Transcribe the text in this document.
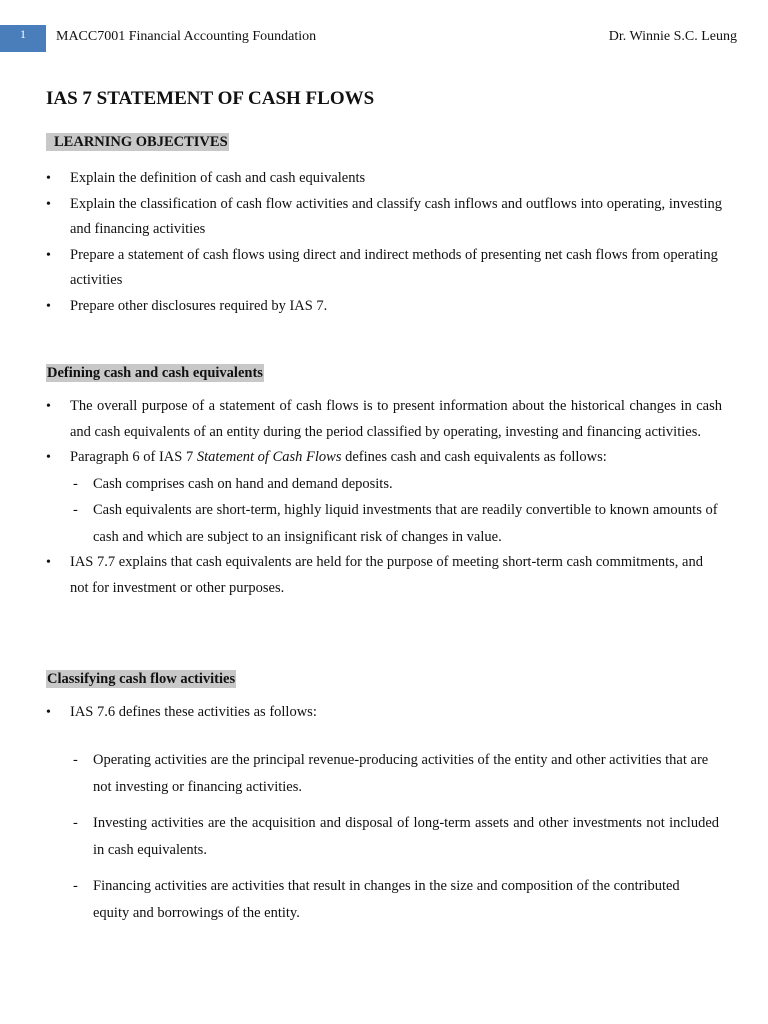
1	MACC7001 Financial Accounting Foundation	Dr. Winnie S.C. Leung
IAS 7 STATEMENT OF CASH FLOWS
LEARNING OBJECTIVES
• Explain the definition of cash and cash equivalents
• Explain the classification of cash flow activities and classify cash inflows and outflows into operating, investing and financing activities
• Prepare a statement of cash flows using direct and indirect methods of presenting net cash flows from operating activities
• Prepare other disclosures required by IAS 7.
Defining cash and cash equivalents
• The overall purpose of a statement of cash flows is to present information about the historical changes in cash and cash equivalents of an entity during the period classified by operating, investing and financing activities.
• Paragraph 6 of IAS 7 Statement of Cash Flows defines cash and cash equivalents as follows:
- Cash comprises cash on hand and demand deposits.
- Cash equivalents are short-term, highly liquid investments that are readily convertible to known amounts of cash and which are subject to an insignificant risk of changes in value.
• IAS 7.7 explains that cash equivalents are held for the purpose of meeting short-term cash commitments, and not for investment or other purposes.
Classifying cash flow activities
• IAS 7.6 defines these activities as follows:
- Operating activities are the principal revenue-producing activities of the entity and other activities that are not investing or financing activities.
- Investing activities are the acquisition and disposal of long-term assets and other investments not included in cash equivalents.
- Financing activities are activities that result in changes in the size and composition of the contributed equity and borrowings of the entity.
